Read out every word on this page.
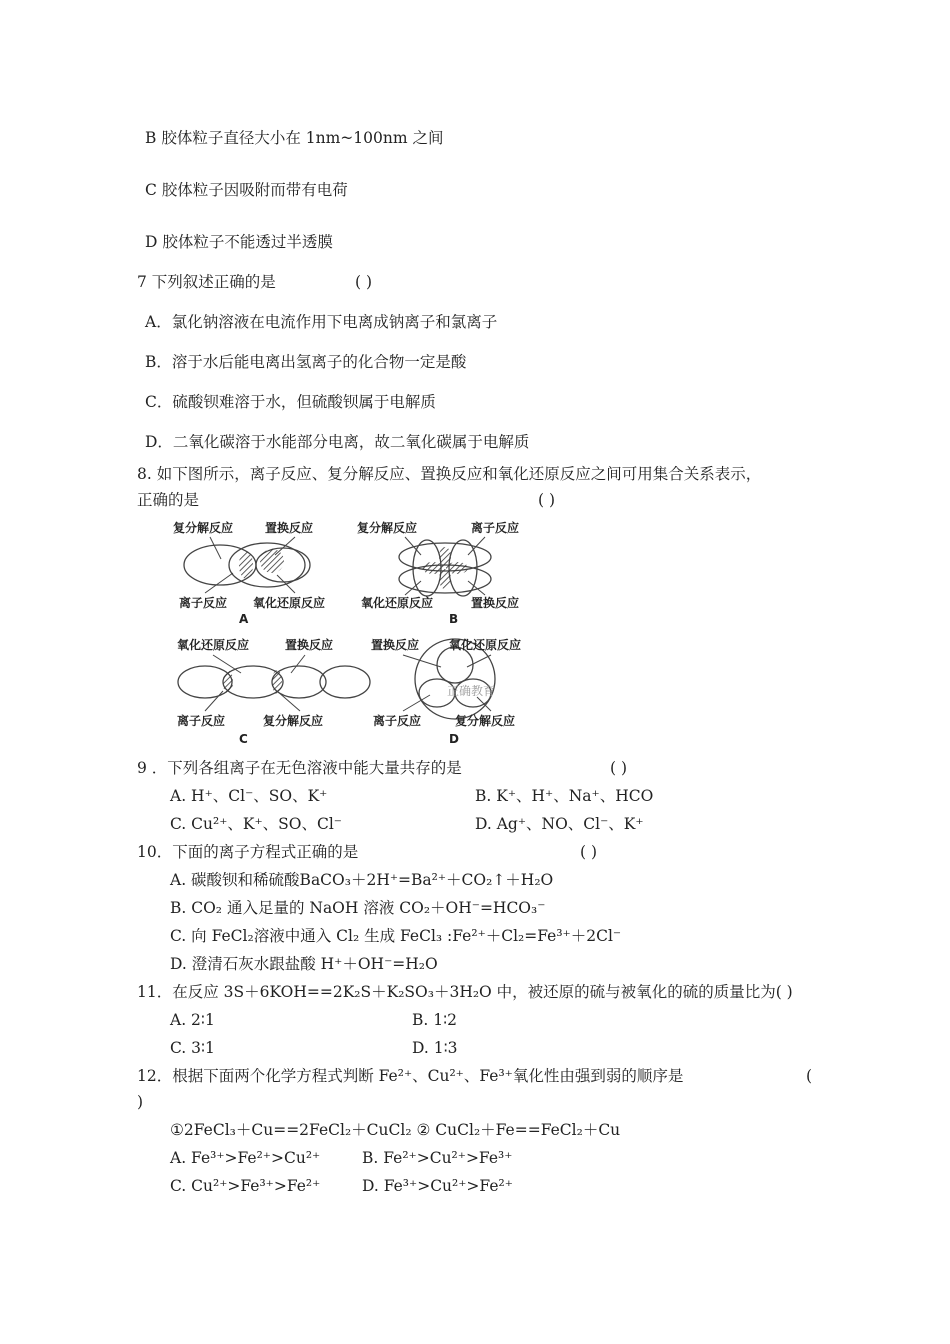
B 胶体粒子直径大小在 1nm~100nm 之间
C 胶体粒子因吸附而带有电荷
D 胶体粒子不能透过半透膜
7 下列叙述正确的是	( )
A．氯化钠溶液在电流作用下电离成钠离子和氯离子
B．溶于水后能电离出氢离子的化合物一定是酸
C．硫酸钡难溶于水，但硫酸钡属于电解质
D．二氧化碳溶于水能部分电离，故二氧化碳属于电解质
8. 如下图所示，离子反应、复分解反应、置换反应和氧化还原反应之间可用集合关系表示，
正确的是	( )
复分解反应	置换反应
离子反应 氧化还原反应
A
复分解反应	离子反应
氧化还原反应	置换反应
B
氧化还原反应	置换反应
离子反应	复分解反应
C
正确教育
置换反应 氧化还原反应
离子反应	复分解反应
D
9 ．下列各组离子在无色溶液中能大量共存的是	( )
A. H⁺、Cl⁻、SO、K⁺	B. K⁺、H⁺、Na⁺、HCO
C. Cu²⁺、K⁺、SO、Cl⁻	D. Ag⁺、NO、Cl⁻、K⁺
10．下面的离子方程式正确的是	( )
A. 碳酸钡和稀硫酸BaCO₃＋2H⁺=Ba²⁺＋CO₂↑＋H₂O
B. CO₂ 通入足量的 NaOH 溶液 CO₂＋OH⁻=HCO₃⁻
C. 向 FeCl₂溶液中通入 Cl₂ 生成 FeCl₃ :Fe²⁺＋Cl₂=Fe³⁺＋2Cl⁻
D. 澄清石灰水跟盐酸 H⁺＋OH⁻=H₂O
11．在反应 3S＋6KOH==2K₂S＋K₂SO₃＋3H₂O 中，被还原的硫与被氧化的硫的质量比为( )
A. 2∶1	B. 1∶2
C. 3∶1	D. 1∶3
12．根据下面两个化学方程式判断 Fe²⁺、Cu²⁺、Fe³⁺氧化性由强到弱的顺序是	(
)
①2FeCl₃＋Cu==2FeCl₂＋CuCl₂ ② CuCl₂＋Fe==FeCl₂＋Cu
A. Fe³⁺>Fe²⁺>Cu²⁺	B. Fe²⁺>Cu²⁺>Fe³⁺
C. Cu²⁺>Fe³⁺>Fe²⁺	D. Fe³⁺>Cu²⁺>Fe²⁺
